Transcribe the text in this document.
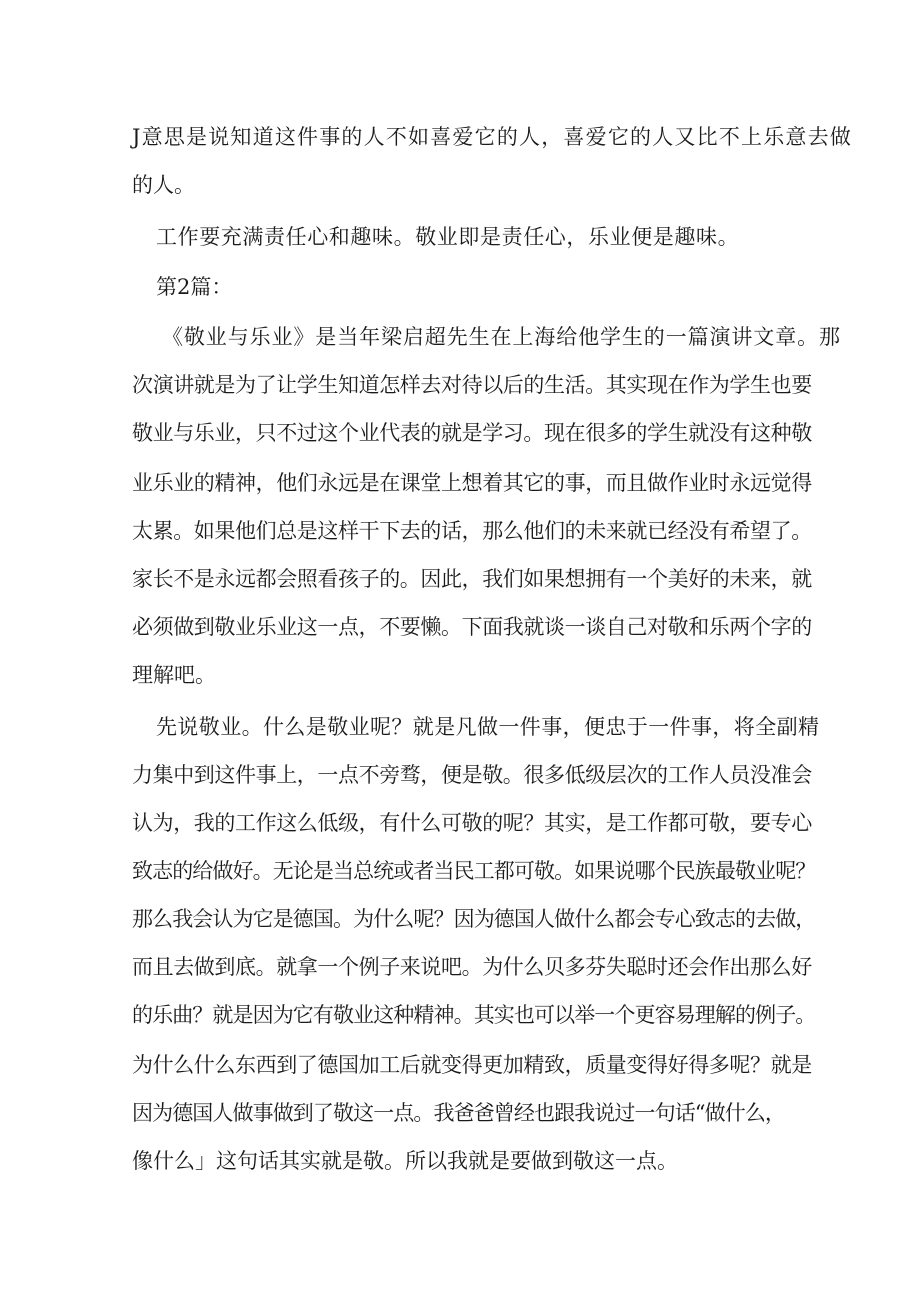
J意思是说知道这件事的人不如喜爱它的人，喜爱它的人又比不上乐意去做
的人。
工作要充满责任心和趣味。敬业即是责任心，乐业便是趣味。
第2篇：
《敬业与乐业》是当年梁启超先生在上海给他学生的一篇演讲文章。那
次演讲就是为了让学生知道怎样去对待以后的生活。其实现在作为学生也要
敬业与乐业，只不过这个业代表的就是学习。现在很多的学生就没有这种敬
业乐业的精神，他们永远是在课堂上想着其它的事，而且做作业时永远觉得
太累。如果他们总是这样干下去的话，那么他们的未来就已经没有希望了。
家长不是永远都会照看孩子的。因此，我们如果想拥有一个美好的未来，就
必须做到敬业乐业这一点，不要懒。下面我就谈一谈自己对敬和乐两个字的
理解吧。
先说敬业。什么是敬业呢？就是凡做一件事，便忠于一件事，将全副精
力集中到这件事上，一点不旁骛，便是敬。很多低级层次的工作人员没准会
认为，我的工作这么低级，有什么可敬的呢？其实，是工作都可敬，要专心
致志的给做好。无论是当总统或者当民工都可敬。如果说哪个民族最敬业呢？
那么我会认为它是德国。为什么呢？因为德国人做什么都会专心致志的去做，
而且去做到底。就拿一个例子来说吧。为什么贝多芬失聪时还会作出那么好
的乐曲？就是因为它有敬业这种精神。其实也可以举一个更容易理解的例子。
为什么什么东西到了德国加工后就变得更加精致，质量变得好得多呢？就是
因为德国人做事做到了敬这一点。我爸爸曾经也跟我说过一句话“做什么，
像什么」这句话其实就是敬。所以我就是要做到敬这一点。
